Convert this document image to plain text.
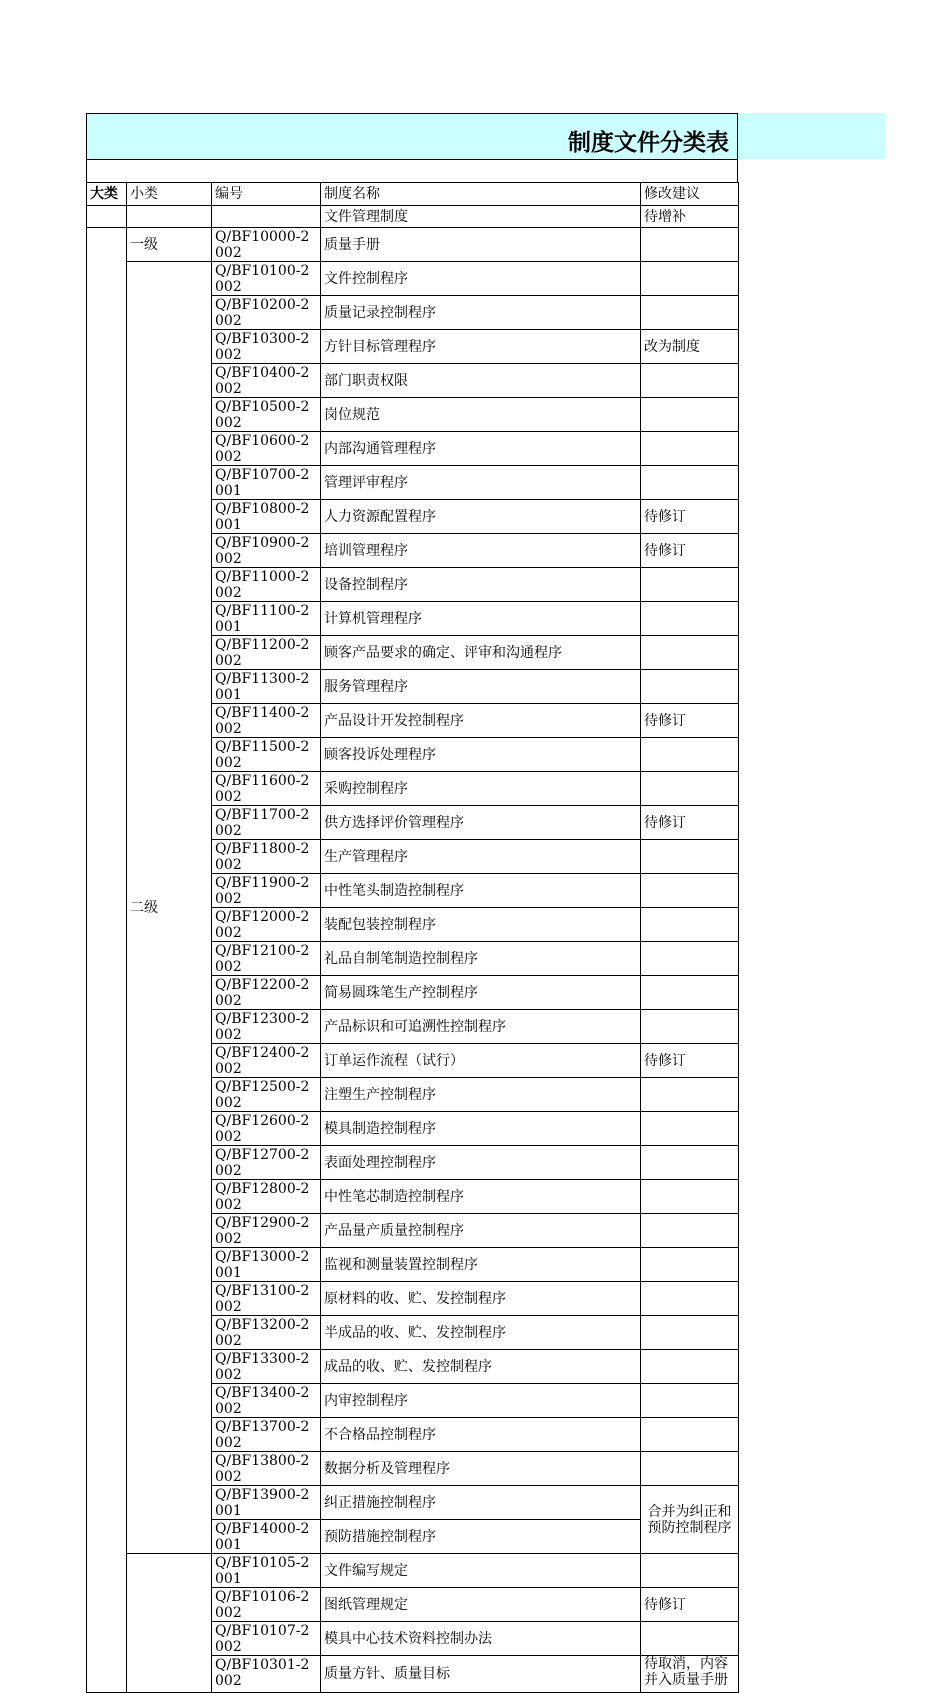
制度文件分类表
大类	小类	编号	制度名称	修改建议
			文件管理制度	待增补
	一级	Q/BF10000-2002	质量手册	
	二级	Q/BF10100-2002	文件控制程序	
		Q/BF10200-2002	质量记录控制程序	
		Q/BF10300-2002	方针目标管理程序	改为制度
		Q/BF10400-2002	部门职责权限	
		Q/BF10500-2002	岗位规范	
		Q/BF10600-2002	内部沟通管理程序	
		Q/BF10700-2001	管理评审程序	
		Q/BF10800-2001	人力资源配置程序	待修订
		Q/BF10900-2002	培训管理程序	待修订
		Q/BF11000-2002	设备控制程序	
		Q/BF11100-2001	计算机管理程序	
		Q/BF11200-2002	顾客产品要求的确定、评审和沟通程序	
		Q/BF11300-2001	服务管理程序	
		Q/BF11400-2002	产品设计开发控制程序	待修订
		Q/BF11500-2002	顾客投诉处理程序	
		Q/BF11600-2002	采购控制程序	
		Q/BF11700-2002	供方选择评价管理程序	待修订
		Q/BF11800-2002	生产管理程序	
		Q/BF11900-2002	中性笔头制造控制程序	
		Q/BF12000-2002	装配包装控制程序	
		Q/BF12100-2002	礼品自制笔制造控制程序	
		Q/BF12200-2002	简易圆珠笔生产控制程序	
		Q/BF12300-2002	产品标识和可追溯性控制程序	
		Q/BF12400-2002	订单运作流程（试行）	待修订
		Q/BF12500-2002	注塑生产控制程序	
		Q/BF12600-2002	模具制造控制程序	
		Q/BF12700-2002	表面处理控制程序	
		Q/BF12800-2002	中性笔芯制造控制程序	
		Q/BF12900-2002	产品量产质量控制程序	
		Q/BF13000-2001	监视和测量装置控制程序	
		Q/BF13100-2002	原材料的收、贮、发控制程序	
		Q/BF13200-2002	半成品的收、贮、发控制程序	
		Q/BF13300-2002	成品的收、贮、发控制程序	
		Q/BF13400-2002	内审控制程序	
		Q/BF13700-2002	不合格品控制程序	
		Q/BF13800-2002	数据分析及管理程序	
		Q/BF13900-2001	纠正措施控制程序	合并为纠正和预防控制程序
		Q/BF14000-2001	预防措施控制程序	
		Q/BF10105-2001	文件编写规定	
		Q/BF10106-2002	图纸管理规定	待修订
		Q/BF10107-2002	模具中心技术资料控制办法	
		Q/BF10301-2002	质量方针、质量目标	待取消，内容并入质量手册
